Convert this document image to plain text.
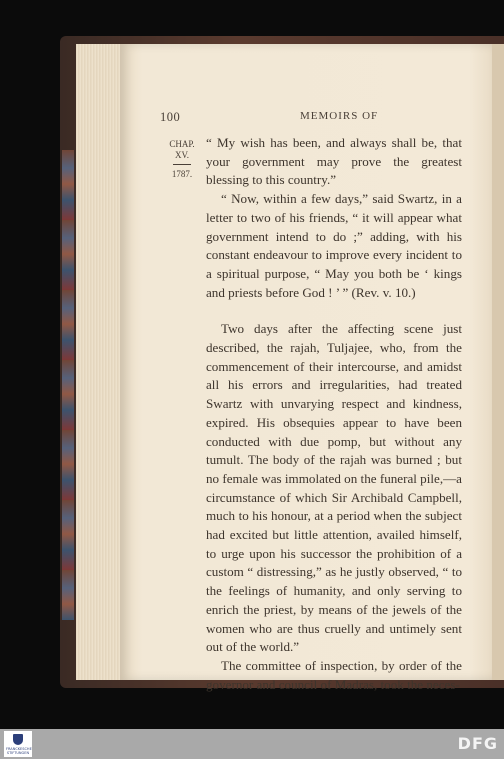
100	MEMOIRS OF
CHAP.
XV.
1787.

“ My wish has been, and always shall be, that your government may prove the greatest blessing to this country.”

“ Now, within a few days,” said Swartz, in a letter to two of his friends, “ it will appear what government intend to do ;” adding, with his constant endeavour to improve every incident to a spiritual purpose, “ May you both be ‘ kings and priests before God ! ’ ” (Rev. v. 10.)

Two days after the affecting scene just described, the rajah, Tuljajee, who, from the commencement of their intercourse, and amidst all his errors and irregularities, had treated Swartz with unvarying respect and kindness, expired. His obsequies appear to have been conducted with due pomp, but without any tumult. The body of the rajah was burned ; but no female was immolated on the funeral pile,—a circumstance of which Sir Archibald Campbell, much to his honour, at a period when the subject had excited but little attention, availed himself, to urge upon his successor the prohibition of a custom “ distressing,” as he justly observed, “ to the feelings of humanity, and only serving to enrich the priest, by means of the jewels of the women who are thus cruelly and untimely sent out of the world.”

The committee of inspection, by order of the governor and council of Madras, took the neces-

FRANCKESCHE STIFTUNGEN	DFG
